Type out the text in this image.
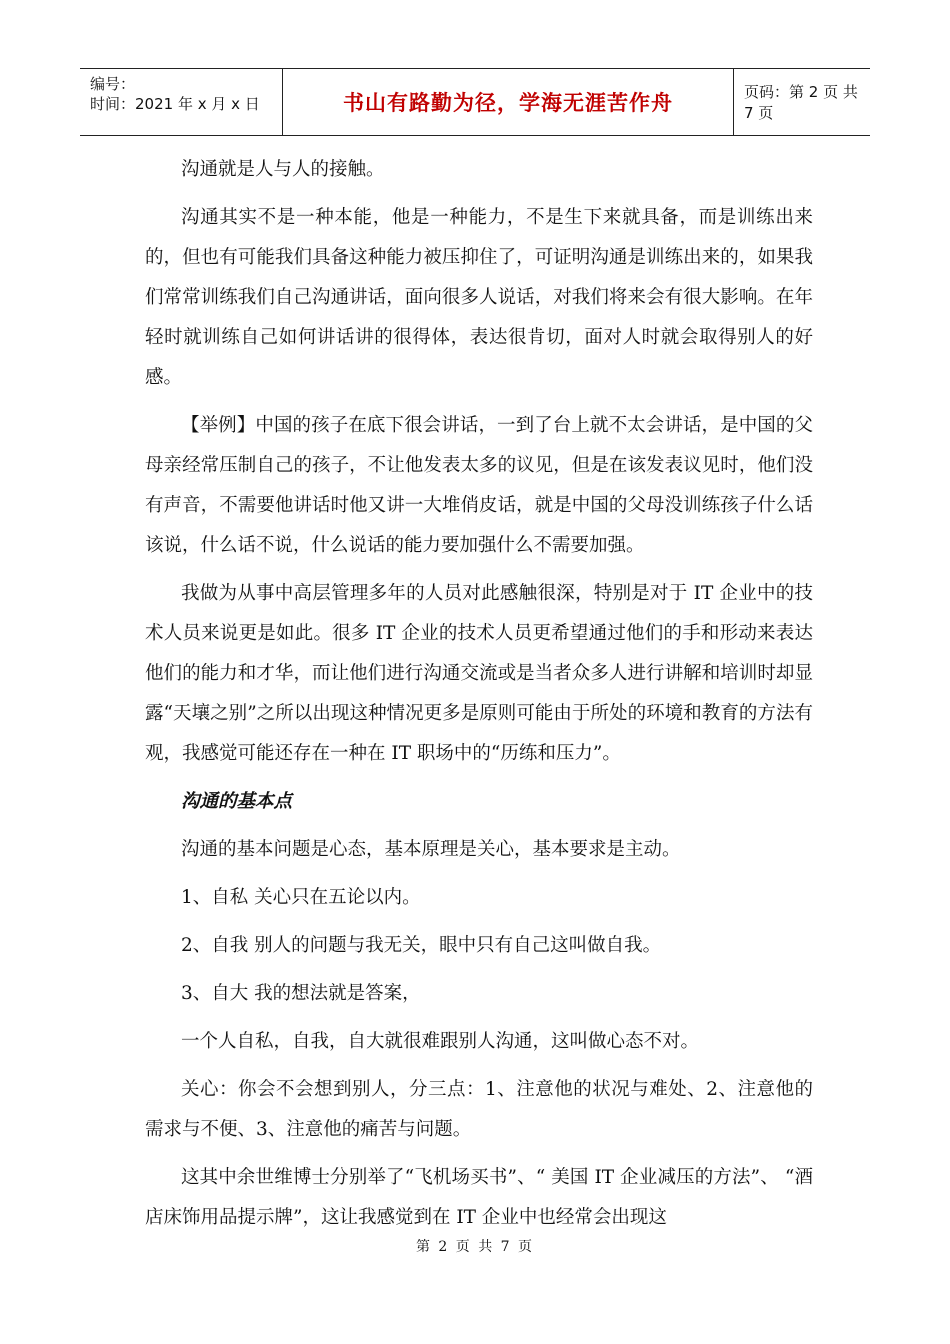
编号：
时间：2021 年 x 月 x 日	书山有路勤为径，学海无涯苦作舟	页码：第 2 页 共 7 页

沟通就是人与人的接触。

沟通其实不是一种本能，他是一种能力，不是生下来就具备，而是训练出来的，但也有可能我们具备这种能力被压抑住了，可证明沟通是训练出来的，如果我们常常训练我们自己沟通讲话，面向很多人说话，对我们将来会有很大影响。在年轻时就训练自己如何讲话讲的很得体，表达很肯切，面对人时就会取得别人的好感。

【举例】中国的孩子在底下很会讲话，一到了台上就不太会讲话，是中国的父母亲经常压制自己的孩子，不让他发表太多的议见，但是在该发表议见时，他们没有声音，不需要他讲话时他又讲一大堆俏皮话，就是中国的父母没训练孩子什么话该说，什么话不说，什么说话的能力要加强什么不需要加强。

我做为从事中高层管理多年的人员对此感触很深，特别是对于 IT 企业中的技术人员来说更是如此。很多 IT 企业的技术人员更希望通过他们的手和形动来表达他们的能力和才华，而让他们进行沟通交流或是当者众多人进行讲解和培训时却显露“天壤之别”之所以出现这种情况更多是原则可能由于所处的环境和教育的方法有观，我感觉可能还存在一种在 IT 职场中的“历练和压力”。

沟通的基本点

沟通的基本问题是心态，基本原理是关心，基本要求是主动。

1、自私 关心只在五论以内。

2、自我 别人的问题与我无关，眼中只有自己这叫做自我。

3、自大 我的想法就是答案，

一个人自私，自我，自大就很难跟别人沟通，这叫做心态不对。

关心：你会不会想到别人，分三点：1、注意他的状况与难处、2、注意他的需求与不便、3、注意他的痛苦与问题。

这其中余世维博士分别举了“飞机场买书”、“ 美国 IT 企业减压的方法”、 “酒店床饰用品提示牌”，这让我感觉到在 IT 企业中也经常会出现这

第 2 页 共 7 页
